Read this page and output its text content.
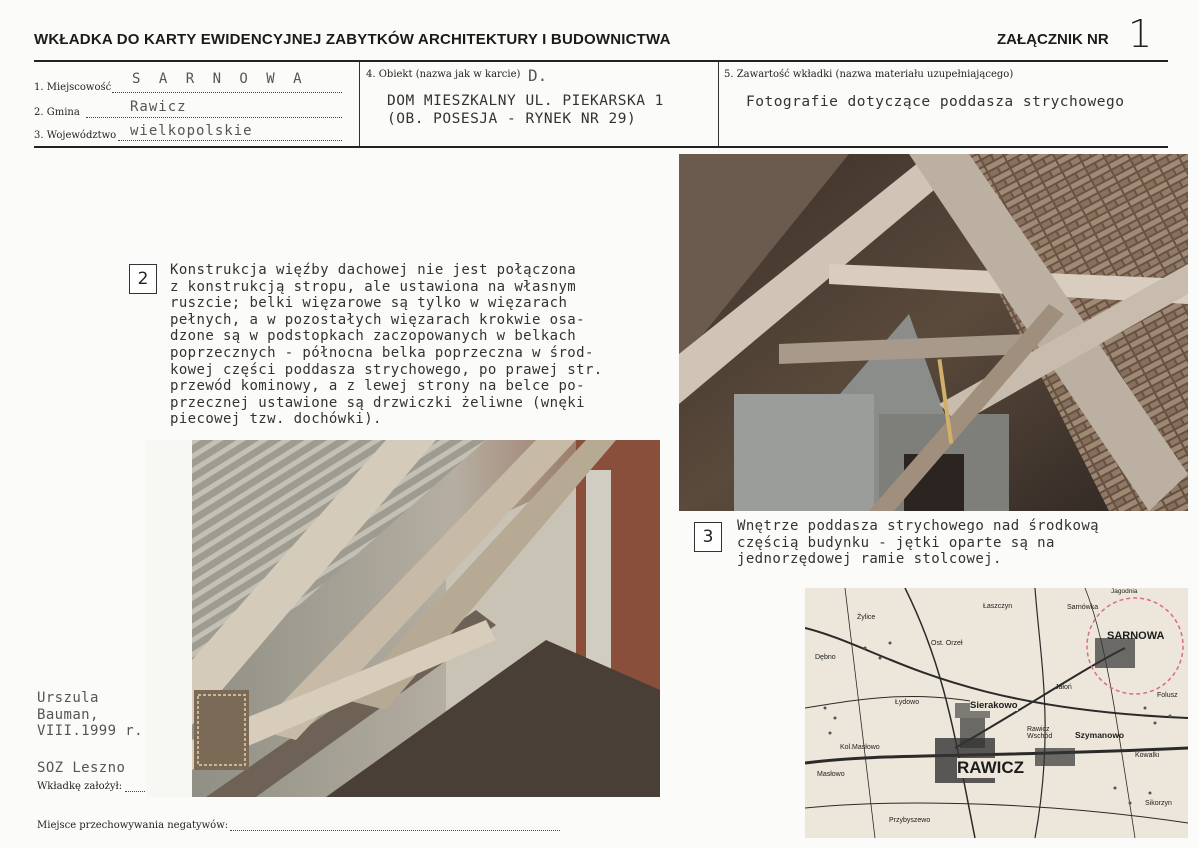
WKŁADKA DO KARTY EWIDENCYJNEJ ZABYTKÓW ARCHITEKTURY I BUDOWNICTWA	ZAŁĄCZNIK NR 1
1. Miejscowość
S A R N O W A
2. Gmina	Rawicz
3. Województwo wielkopolskie
4. Obiekt (nazwa jak w karcie) D.
DOM MIESZKALNY UL. PIEKARSKA 1
(OB. POSESJA - RYNEK NR 29)
5. Zawartość wkładki (nazwa materiału uzupełniającego)
Fotografie dotyczące poddasza strychowego
2	Konstrukcja więźby dachowej nie jest połączona
z konstrukcją stropu, ale ustawiona na własnym
ruszcie; belki więzarowe są tylko w więzarach
pełnych, a w pozostałych więzarach krokwie osa-
dzone są w podstopkach zaczopowanych w belkach
poprzecznych - północna belka poprzeczna w środ-
kowej części poddasza strychowego, po prawej str.
przewód kominowy, a z lewej strony na belce po-
przecznej ustawione są drzwiczki żeliwne (wnęki
piecowej tzw. dochówki).
3
Wnętrze poddasza strychowego nad środkową
częścią budynku - jętki oparte są na
jednorzędowej ramie stolcowej.
Urszula
Bauman,
VIII.1999 r.
SOZ Leszno
Wkładkę założył:
SARNOWA
RAWICZ
Sierakowo
Szymanowo
Rawicz Wschód
Masłowo
Kol.Masłowo
Żylice
Łaszczyn	Sarnówka
Jagodnia
Dębno
Jałoń
Kowalki
Folusz
Ost. Orzeł
Łydowo
Sikorzyn
Przybyszewo
Miejsce przechowywania negatywów:
